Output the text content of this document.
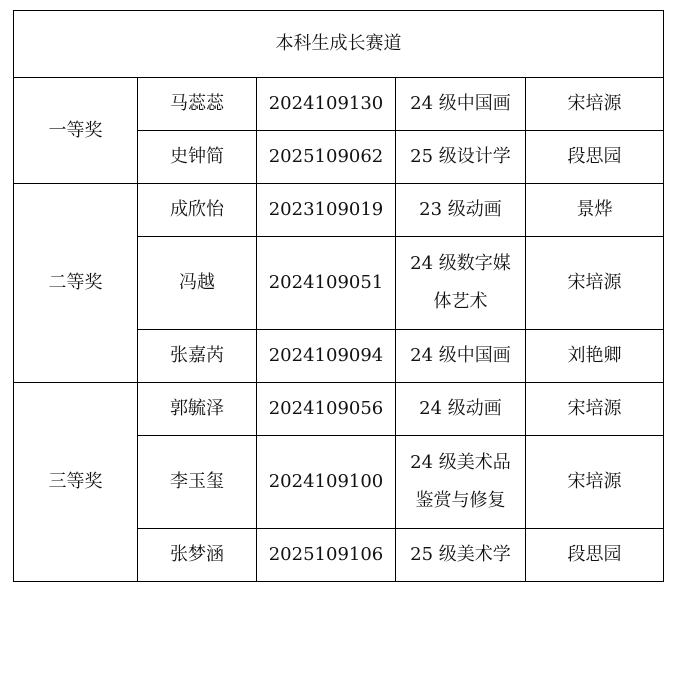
本科生成长赛道				
一等奖	马蕊蕊	2024109130	24 级中国画	宋培源
	史钟简	2025109062	25 级设计学	段思园
二等奖	成欣怡	2023109019	23 级动画	景烨
	冯越	2024109051	24 级数字媒体艺术	宋培源
	张嘉芮	2024109094	24 级中国画	刘艳卿
三等奖	郭毓泽	2024109056	24 级动画	宋培源
	李玉玺	2024109100	24 级美术品鉴赏与修复	宋培源
	张梦涵	2025109106	25 级美术学	段思园
